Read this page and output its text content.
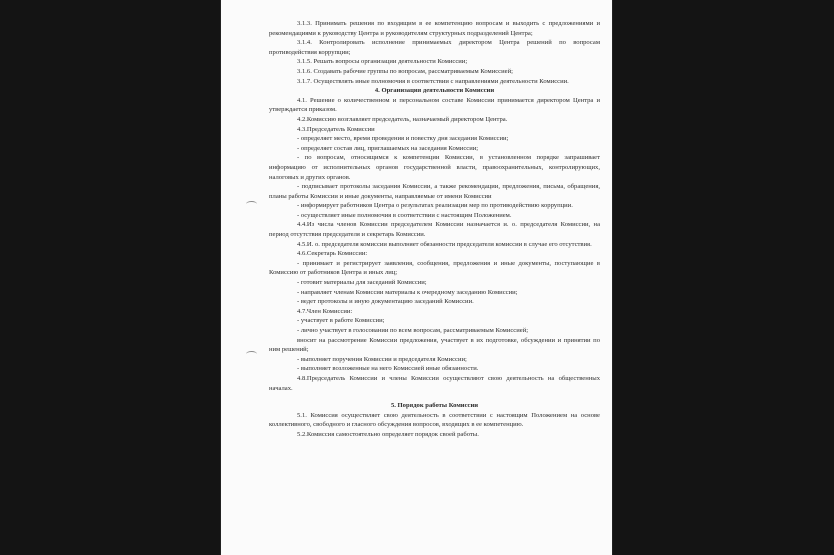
3.1.3. Принимать решения по входящим в ее компетенцию вопросам и выходить с предложениями и рекомендациями к руководству Центра и руководителям структурных подразделений Центра;
3.1.4. Контролировать исполнение принимаемых директором Центра решений по вопросам противодействия коррупции;
3.1.5. Решать вопросы организации деятельности Комиссии;
3.1.6. Создавать рабочие группы по вопросам, рассматриваемым Комиссией;
3.1.7. Осуществлять иные полномочия в соответствии с направлениями деятельности Комиссии.
4. Организация деятельности Комиссии
4.1. Решение о количественном и персональном составе Комиссии принимается директором Центра и утверждается приказом.
4.2.Комиссию возглавляет председатель, назначаемый директором Центра.
4.3.Председатель Комиссии
- определяет место, время проведения и повестку дня заседания Комиссии;
- определяет состав лиц, приглашаемых на заседания Комиссии;
- по вопросам, относящимся к компетенции Комиссии, в установленном порядке запрашивает информацию от исполнительных органов государственной власти, правоохранительных, контролирующих, налоговых и других органов.
- подписывает протоколы заседания Комиссии, а также рекомендации, предложения, письма, обращения, планы работы Комиссии и иные документы, направляемые от имени Комиссии
- информирует работников Центра о результатах реализации мер по противодействию коррупции.
- осуществляет иные полномочия в соответствии с настоящим Положением.
4.4.Из числа членов Комиссии председателем Комиссии назначается и. о. председателя Комиссии, на период отсутствия председателя и секретарь Комиссии.
4.5.И. о. председателя комиссии выполняет обязанности председателя комиссии в случае его отсутствия.
4.6.Секретарь Комиссии:
- принимает и регистрирует заявления, сообщения, предложения и иные документы, поступающие в Комиссию от работников Центра и иных лиц;
- готовит материалы для заседаний Комиссии;
- направляет членам Комиссии материалы к очередному заседанию Комиссии;
- ведет протоколы и иную документацию заседаний Комиссии.
4.7.Члeн Комиссии:
- участвует в работе Комиссии;
- лично участвует в голосовании по всем вопросам, рассматриваемым Комиссией;
вносит на рассмотрение Комиссии предложения, участвует в их подготовке, обсуждении и принятии по ним решений;
- выполняет поручения Комиссии и председателя Комиссии;
- выполняет возложенные на него Комиссией иные обязанности.
4.8.Председатель Комиссии и члены Комиссии осуществляют свою деятельность на общественных началах.
5. Порядок работы Комиссии
5.1. Комиссия осуществляет свою деятельность в соответствии с настоящим Положением на основе коллективного, свободного и гласного обсуждения вопросов, входящих в ее компетенцию.
5.2.Комиссия самостоятельно определяет порядок своей работы.
